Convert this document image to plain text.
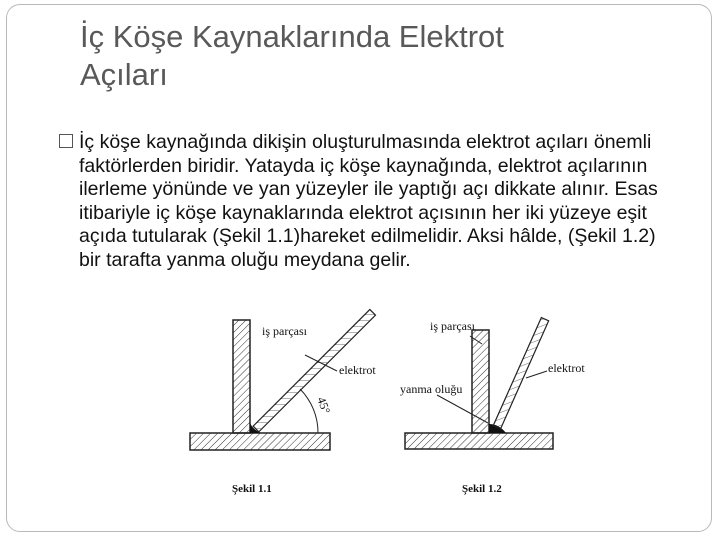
İç Köşe Kaynaklarında Elektrot
Açıları
İç köşe kaynağında dikişin oluşturulmasında elektrot açıları önemli faktörlerden biridir. Yatayda iç köşe kaynağında, elektrot açılarının ilerleme yönünde ve yan yüzeyler ile yaptığı açı dikkate alınır. Esas itibariyle iç köşe kaynaklarında elektrot açısının her iki yüzeye eşit açıda tutularak (Şekil 1.1)hareket edilmelidir. Aksi hâlde, (Şekil 1.2) bir tarafta yanma oluğu meydana gelir.
iş parçası
elektrot
45°
Şekil 1.1
iş parçası
elektrot
yanma oluğu
Şekil 1.2
